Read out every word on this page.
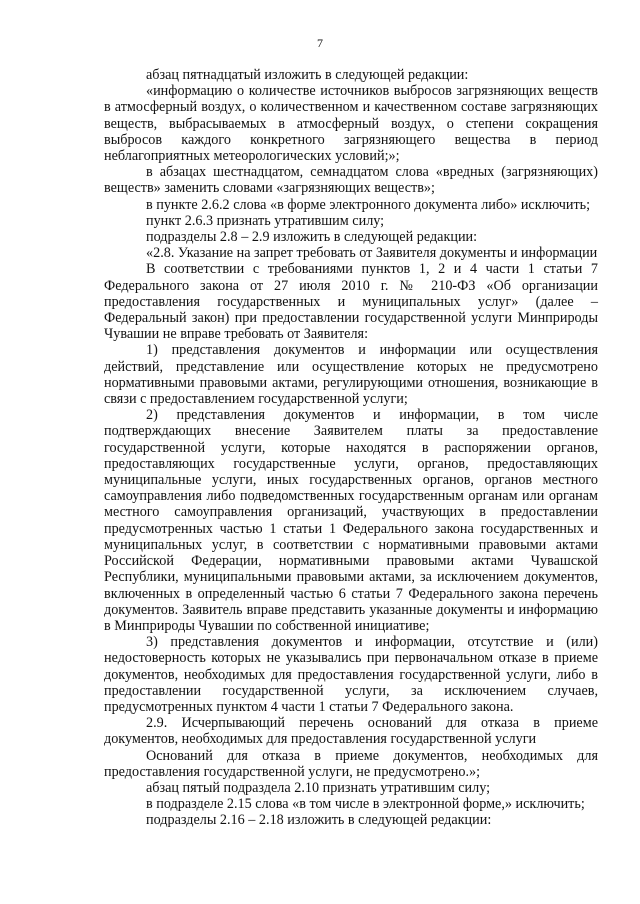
7

абзац пятнадцатый изложить в следующей редакции:

«информацию о количестве источников выбросов загрязняющих веществ в атмосферный воздух, о количественном и качественном составе загрязняющих веществ, выбрасываемых в атмосферный воздух, о степени сокращения выбросов каждого конкретного загрязняющего вещества в период неблагоприятных метеорологических условий;»;

в абзацах шестнадцатом, семнадцатом слова «вредных (загрязняющих) веществ» заменить словами «загрязняющих веществ»;

в пункте 2.6.2 слова «в форме электронного документа либо» исключить;

пункт 2.6.3 признать утратившим силу;

подразделы 2.8 – 2.9 изложить в следующей редакции:

«2.8. Указание на запрет требовать от Заявителя документы и информации

В соответствии с требованиями пунктов 1, 2 и 4 части 1 статьи 7 Федерального закона от 27 июля 2010 г. № 210-ФЗ «Об организации предоставления государственных и муниципальных услуг» (далее – Федеральный закон) при предоставлении государственной услуги Минприроды Чувашии не вправе требовать от Заявителя:

1) представления документов и информации или осуществления действий, представление или осуществление которых не предусмотрено нормативными правовыми актами, регулирующими отношения, возникающие в связи с предоставлением государственной услуги;

2) представления документов и информации, в том числе подтверждающих внесение Заявителем платы за предоставление государственной услуги, которые находятся в распоряжении органов, предоставляющих государственные услуги, органов, предоставляющих муниципальные услуги, иных государственных органов, органов местного самоуправления либо подведомственных государственным органам или органам местного самоуправления организаций, участвующих в предоставлении предусмотренных частью 1 статьи 1 Федерального закона государственных и муниципальных услуг, в соответствии с нормативными правовыми актами Российской Федерации, нормативными правовыми актами Чувашской Республики, муниципальными правовыми актами, за исключением документов, включенных в определенный частью 6 статьи 7 Федерального закона перечень документов. Заявитель вправе представить указанные документы и информацию в Минприроды Чувашии по собственной инициативе;

3) представления документов и информации, отсутствие и (или) недостоверность которых не указывались при первоначальном отказе в приеме документов, необходимых для предоставления государственной услуги, либо в предоставлении государственной услуги, за исключением случаев, предусмотренных пунктом 4 части 1 статьи 7 Федерального закона.

2.9. Исчерпывающий перечень оснований для отказа в приеме документов, необходимых для предоставления государственной услуги

Оснований для отказа в приеме документов, необходимых для предоставления государственной услуги, не предусмотрено.»;

абзац пятый подраздела 2.10 признать утратившим силу;

в подразделе 2.15 слова «в том числе в электронной форме,» исключить;

подразделы 2.16 – 2.18 изложить в следующей редакции:
